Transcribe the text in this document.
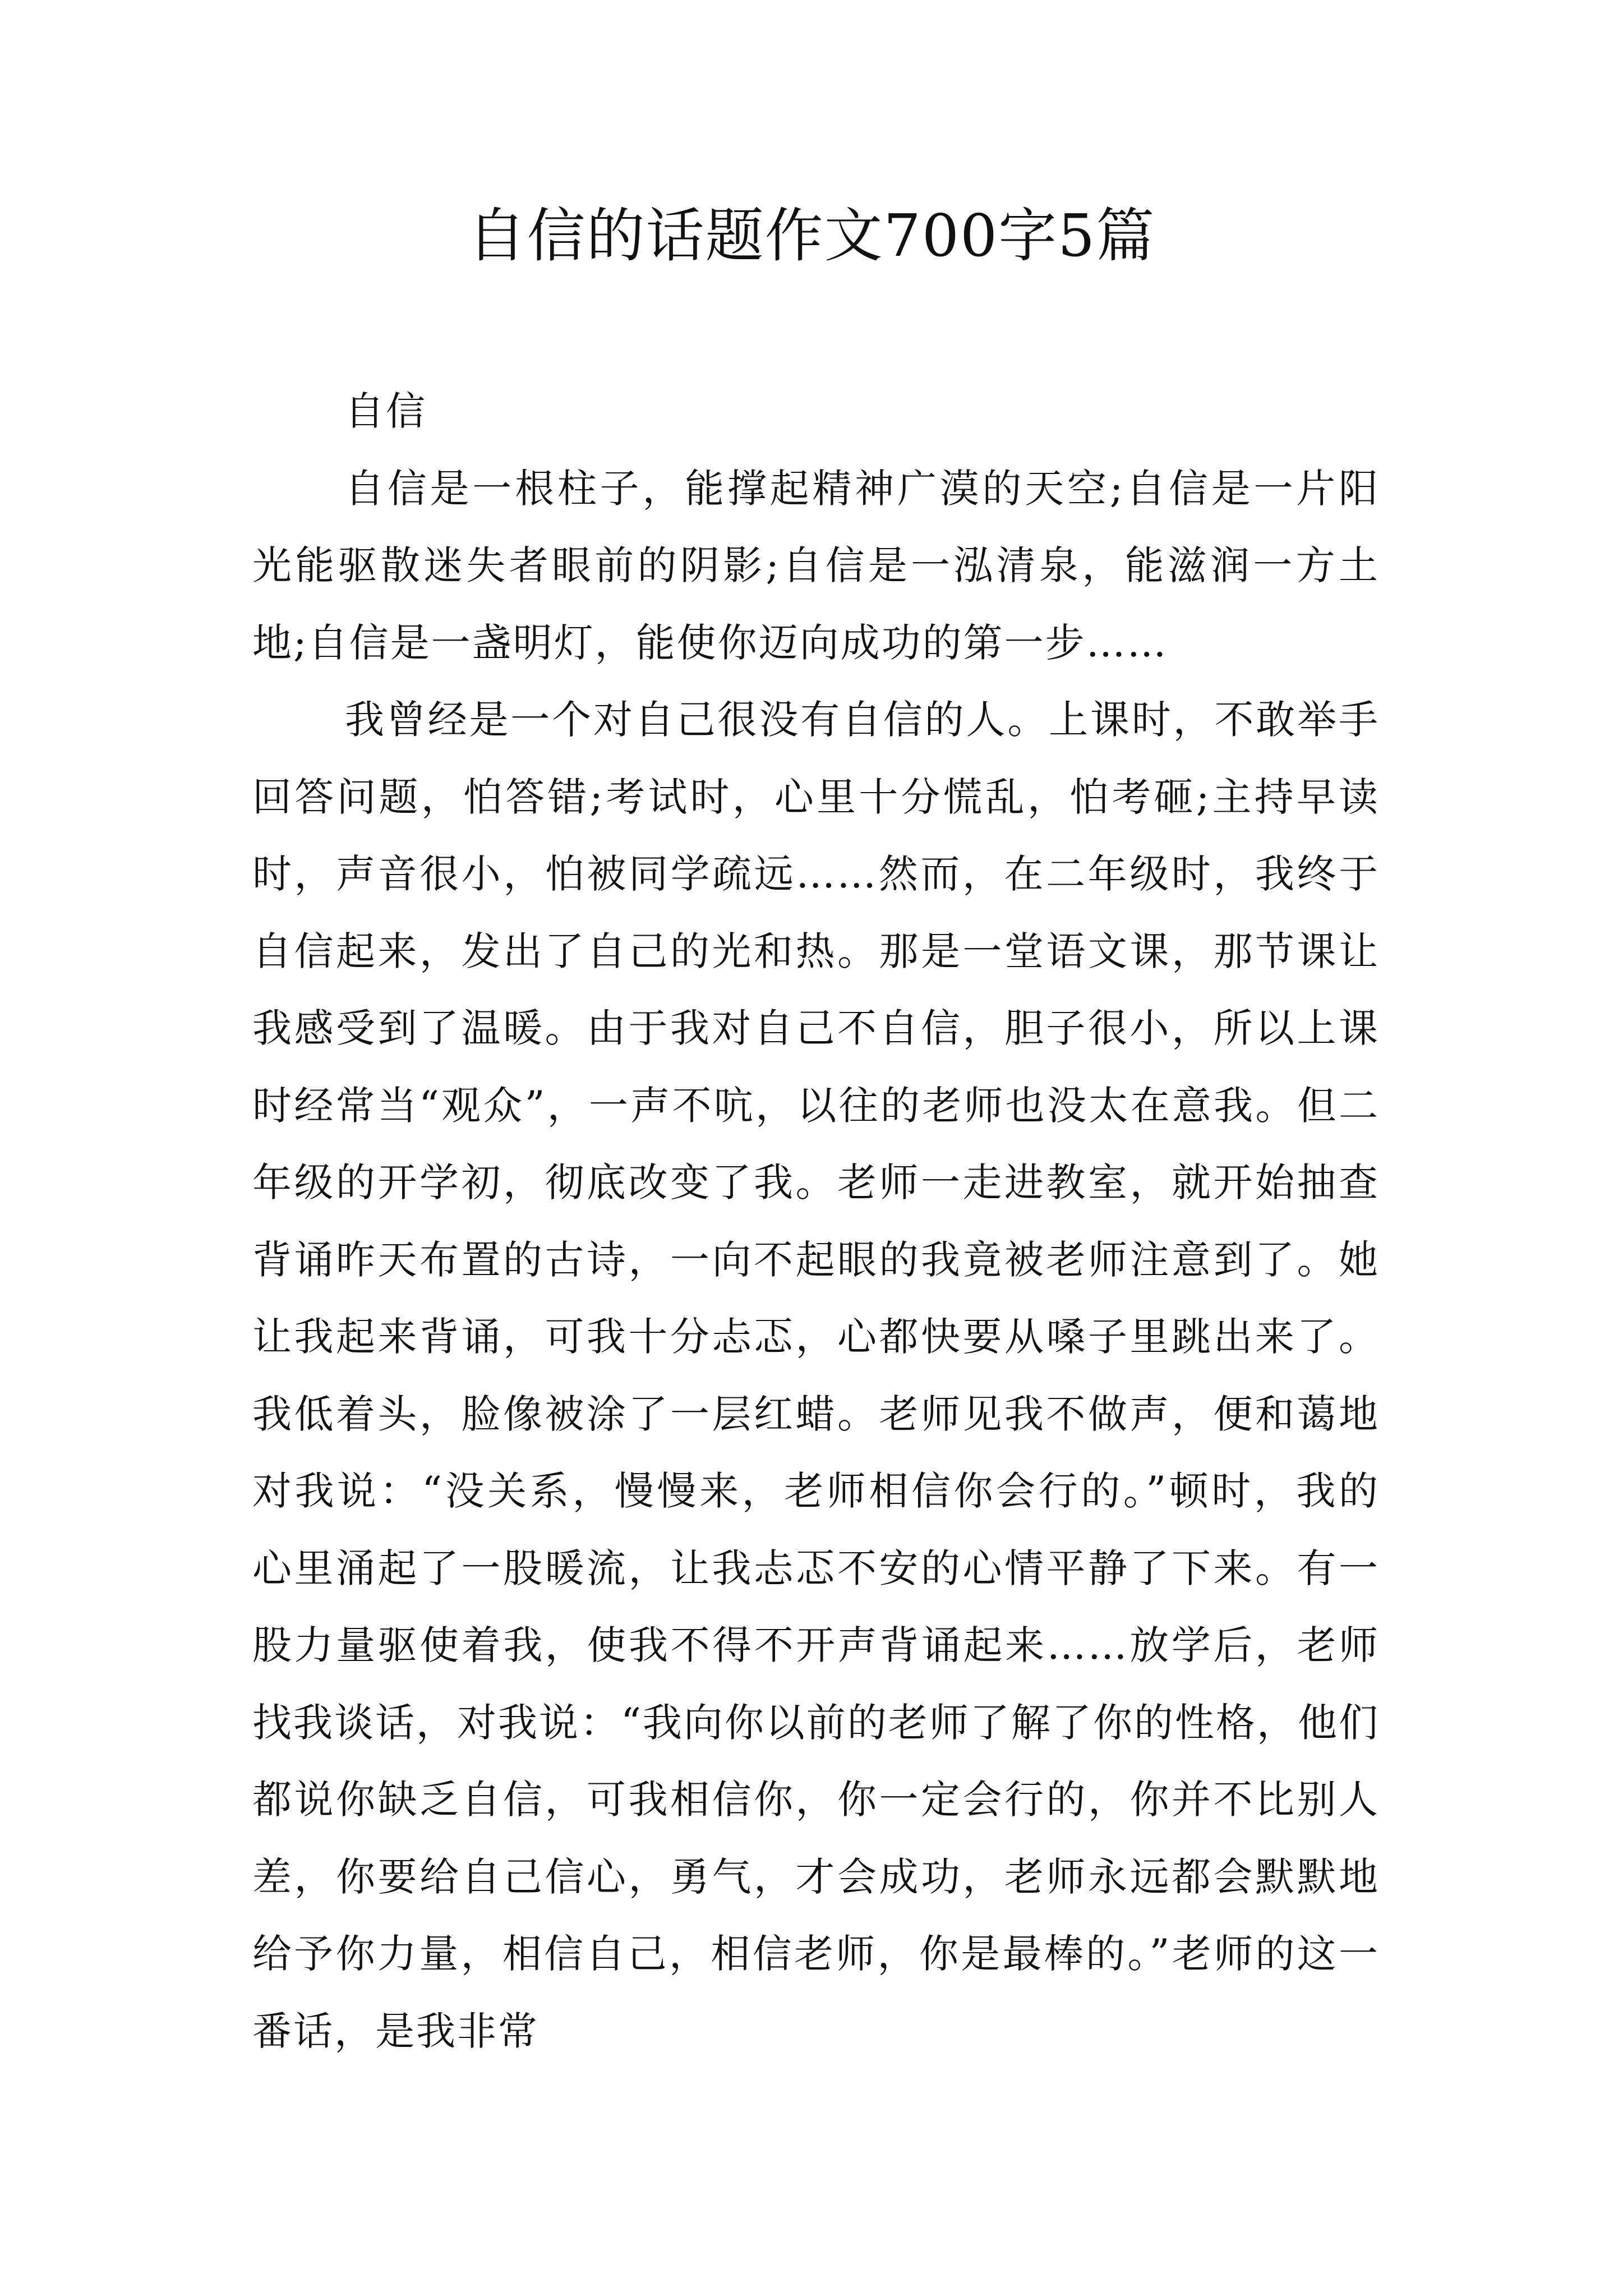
自信的话题作文700字5篇

自信

自信是一根柱子，能撑起精神广漠的天空;自信是一片阳光能驱散迷失者眼前的阴影;自信是一泓清泉，能滋润一方土地;自信是一盏明灯，能使你迈向成功的第一步……

我曾经是一个对自己很没有自信的人。上课时，不敢举手回答问题，怕答错;考试时，心里十分慌乱，怕考砸;主持早读时，声音很小，怕被同学疏远……然而，在二年级时，我终于自信起来，发出了自己的光和热。那是一堂语文课，那节课让我感受到了温暖。由于我对自己不自信，胆子很小，所以上课时经常当“观众”，一声不吭，以往的老师也没太在意我。但二年级的开学初，彻底改变了我。老师一走进教室，就开始抽查背诵昨天布置的古诗，一向不起眼的我竟被老师注意到了。她让我起来背诵，可我十分忐忑，心都快要从嗓子里跳出来了。我低着头，脸像被涂了一层红蜡。老师见我不做声，便和蔼地对我说：“没关系，慢慢来，老师相信你会行的。”顿时，我的心里涌起了一股暖流，让我忐忑不安的心情平静了下来。有一股力量驱使着我，使我不得不开声背诵起来……放学后，老师找我谈话，对我说：“我向你以前的老师了解了你的性格，他们都说你缺乏自信，可我相信你，你一定会行的，你并不比别人差，你要给自己信心，勇气，才会成功，老师永远都会默默地给予你力量，相信自己，相信老师，你是最棒的。”老师的这一番话，是我非常
